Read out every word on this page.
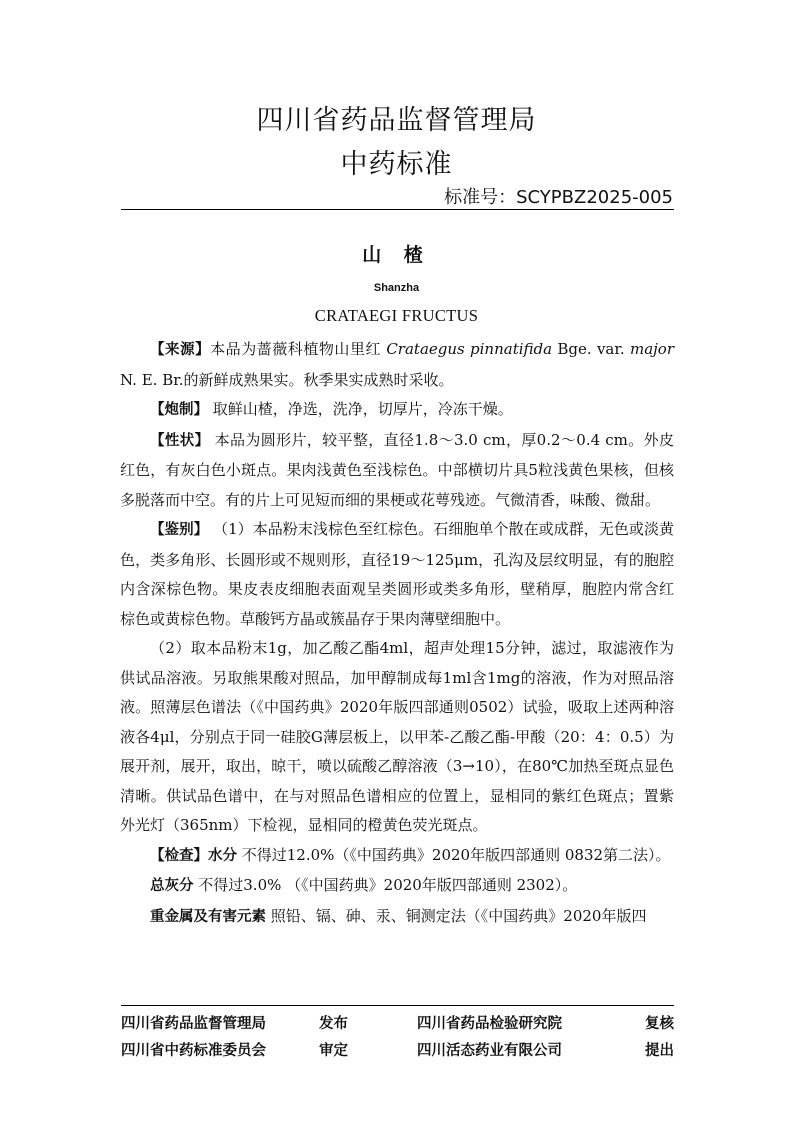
四川省药品监督管理局
中药标准
标准号：SCYPBZ2025-005
山 楂
Shanzha
CRATAEGI FRUCTUS

【来源】本品为蔷薇科植物山里红 Crataegus pinnatifida Bge. var. major N. E. Br.的新鲜成熟果实。秋季果实成熟时采收。

【炮制】 取鲜山楂，净选，洗净，切厚片，冷冻干燥。

【性状】 本品为圆形片，较平整，直径1.8～3.0 cm，厚0.2～0.4 cm。外皮红色，有灰白色小斑点。果肉浅黄色至浅棕色。中部横切片具5粒浅黄色果核，但核多脱落而中空。有的片上可见短而细的果梗或花萼残迹。气微清香，味酸、微甜。

【鉴别】 （1）本品粉末浅棕色至红棕色。石细胞单个散在或成群，无色或淡黄色，类多角形、长圆形或不规则形，直径19～125μm，孔沟及层纹明显，有的胞腔内含深棕色物。果皮表皮细胞表面观呈类圆形或类多角形，壁稍厚，胞腔内常含红棕色或黄棕色物。草酸钙方晶或簇晶存于果肉薄壁细胞中。

（2）取本品粉末1g，加乙酸乙酯4ml，超声处理15分钟，滤过，取滤液作为供试品溶液。另取熊果酸对照品，加甲醇制成每1ml含1mg的溶液，作为对照品溶液。照薄层色谱法（《中国药典》2020年版四部通则0502）试验，吸取上述两种溶液各4μl，分别点于同一硅胶G薄层板上，以甲苯-乙酸乙酯-甲酸（20：4：0.5）为展开剂，展开，取出，晾干，喷以硫酸乙醇溶液（3→10），在80℃加热至斑点显色清晰。供试品色谱中，在与对照品色谱相应的位置上，显相同的紫红色斑点；置紫外光灯（365nm）下检视，显相同的橙黄色荧光斑点。

【检查】水分 不得过12.0%（《中国药典》2020年版四部通则 0832第二法）。

总灰分 不得过3.0% （《中国药典》2020年版四部通则 2302）。

重金属及有害元素 照铅、镉、砷、汞、铜测定法（《中国药典》2020年版四

四川省药品监督管理局	发布	四川省药品检验研究院	复核
四川省中药标准委员会	审定	四川活态药业有限公司	提出
